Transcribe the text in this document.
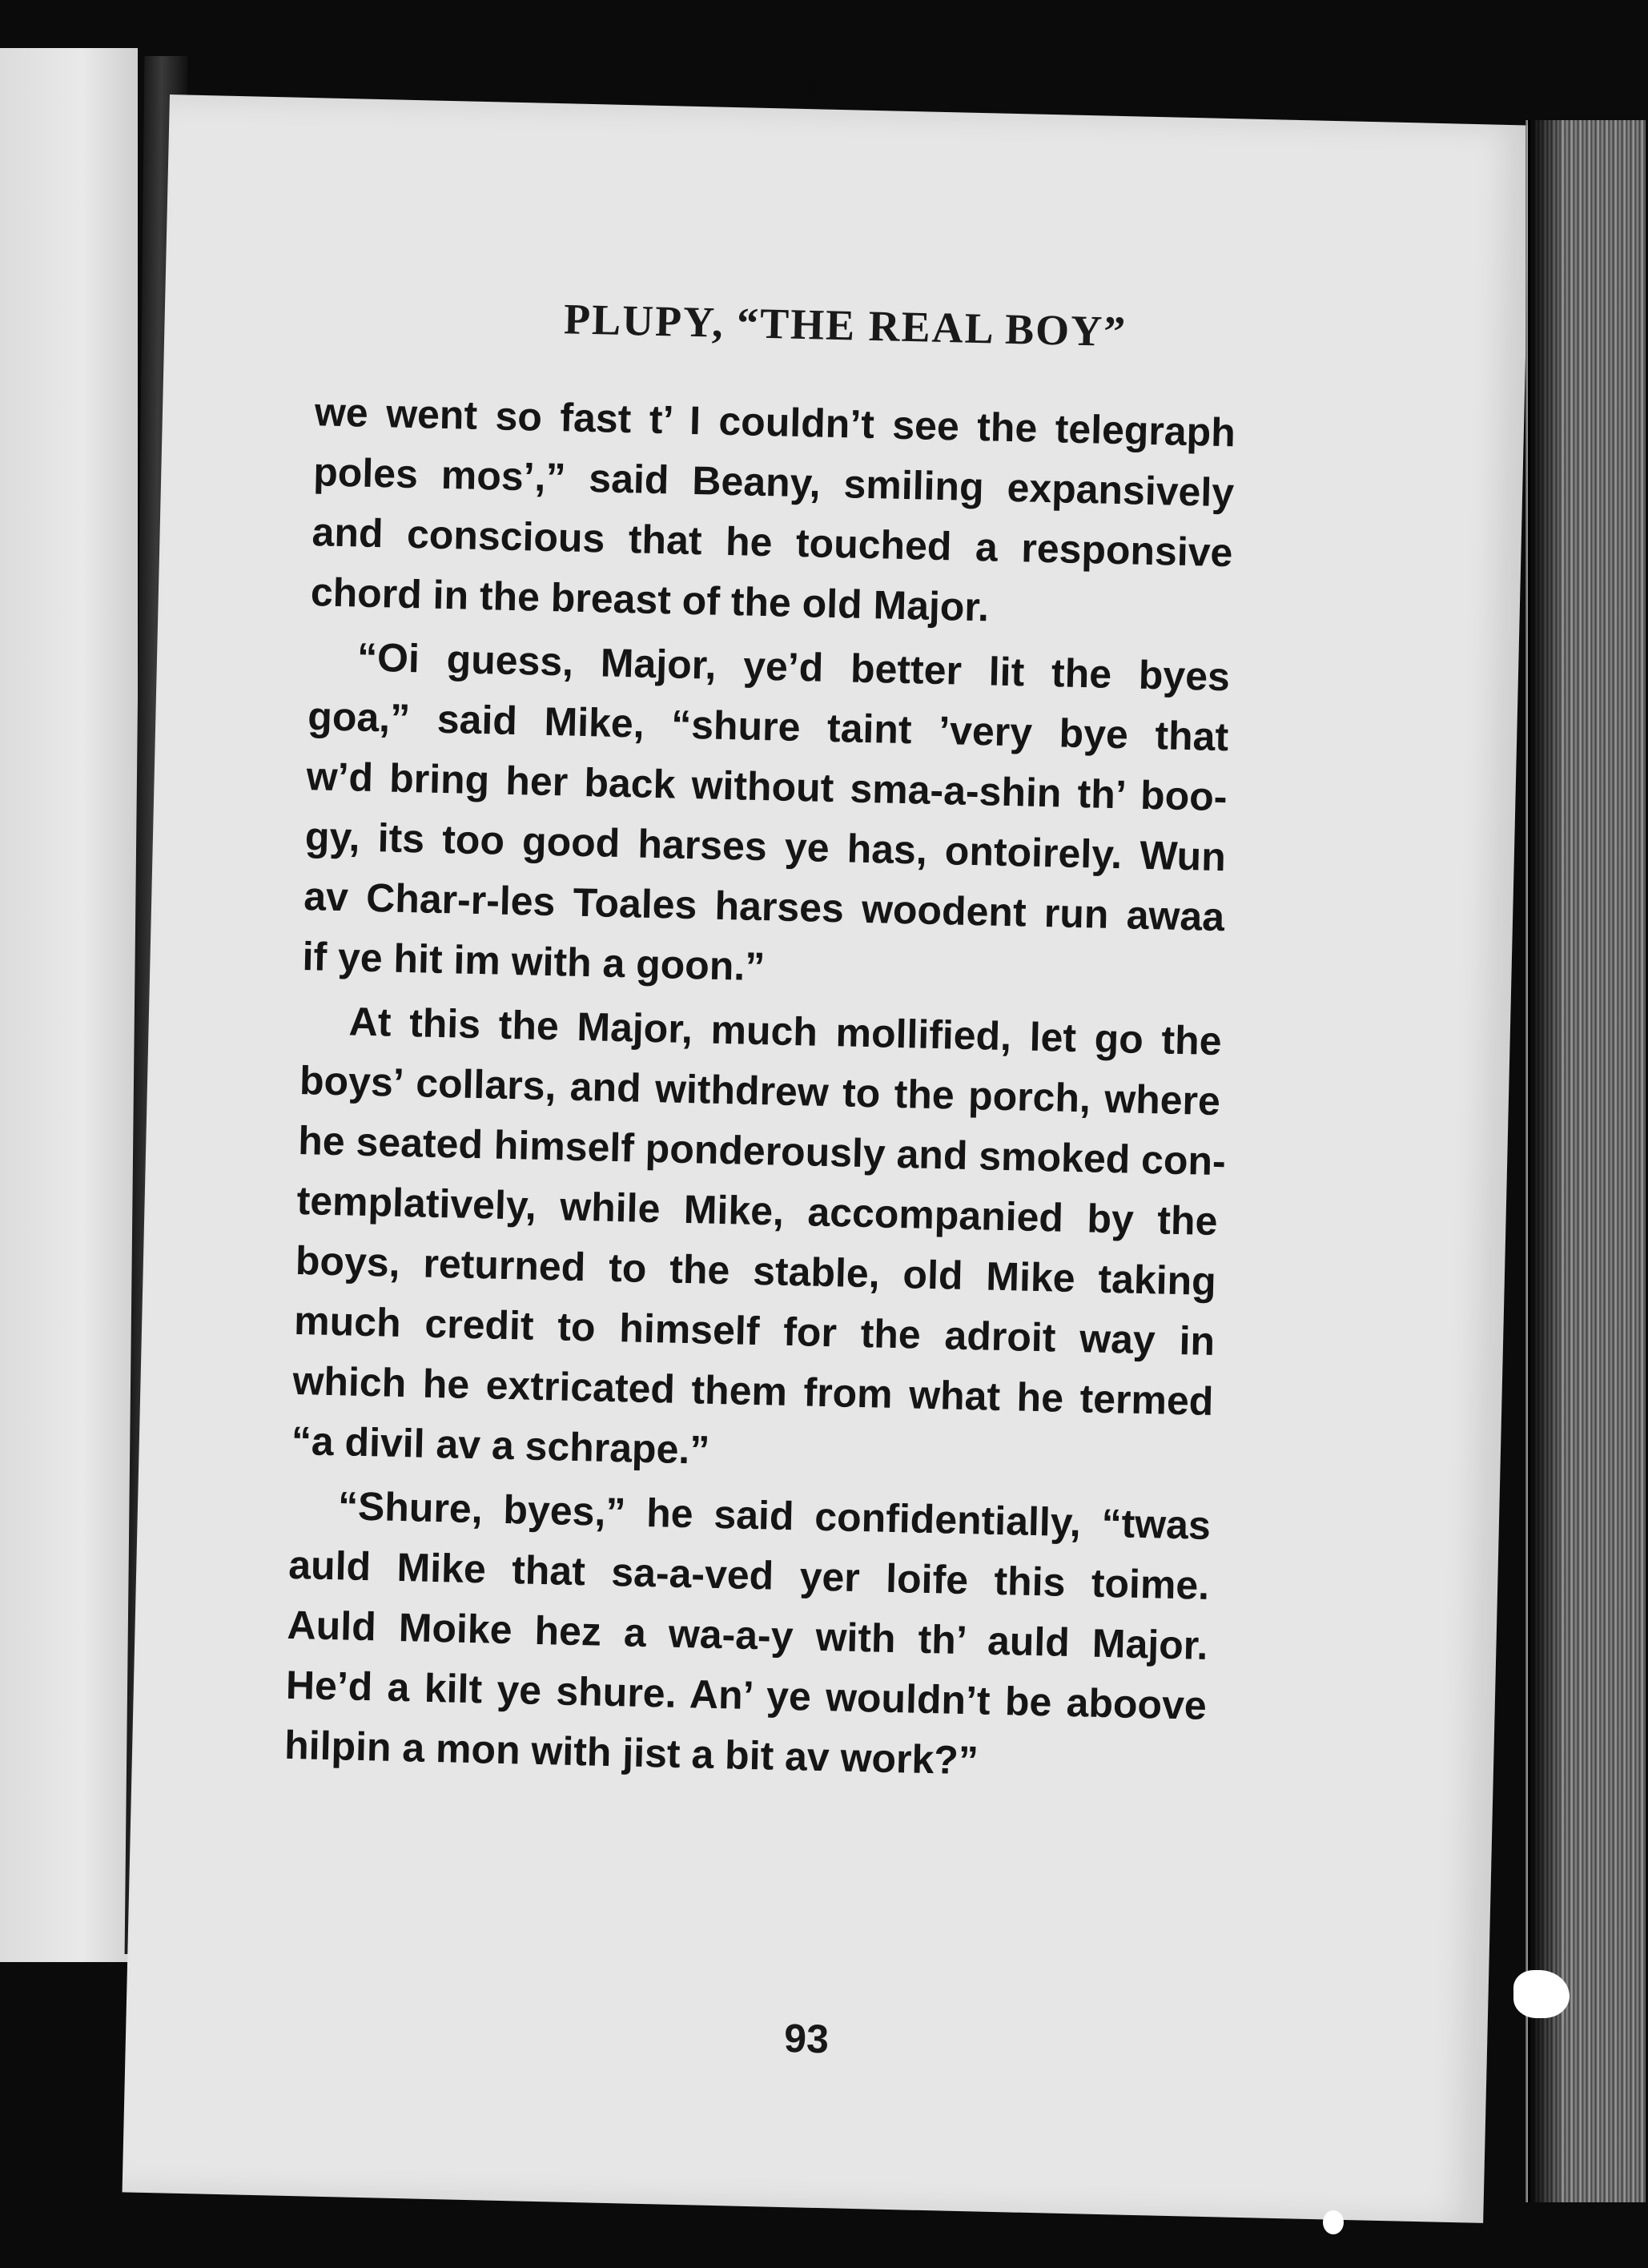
PLUPY, “THE REAL BOY”
we went so fast t’ I couldn’t see the telegraph
poles mos’,” said Beany, smiling expansively
and conscious that he touched a responsive
chord in the breast of the old Major.
“Oi guess, Major, ye’d better lit the byes
goa,” said Mike, “shure taint ’very bye that
w’d bring her back without sma-a-shin th’ boo-
gy, its too good harses ye has, ontoirely. Wun
av Char-r-les Toales harses woodent run awaa
if ye hit im with a goon.”
At this the Major, much mollified, let go the
boys’ collars, and withdrew to the porch, where
he seated himself ponderously and smoked con-
templatively, while Mike, accompanied by the
boys, returned to the stable, old Mike taking
much credit to himself for the adroit way in
which he extricated them from what he termed
“a divil av a schrape.”
“Shure, byes,” he said confidentially, “twas
auld Mike that sa-a-ved yer loife this toime.
Auld Moike hez a wa-a-y with th’ auld Major.
He’d a kilt ye shure. An’ ye wouldn’t be aboove
hilpin a mon with jist a bit av work?”
93
